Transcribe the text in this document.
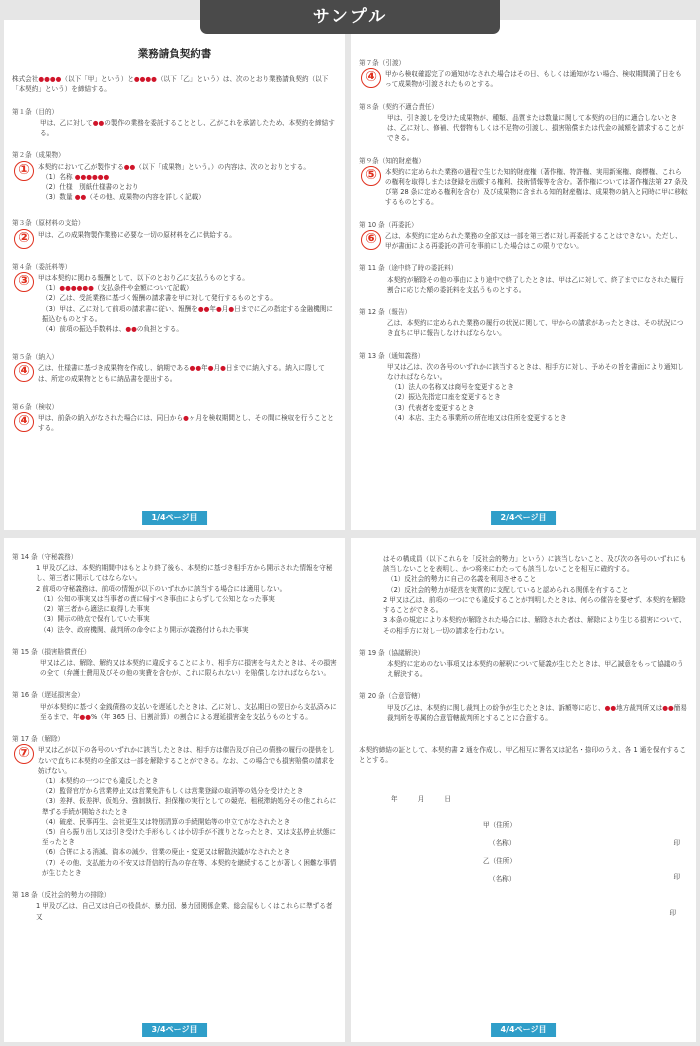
サンプル
業務請負契約書
株式会社●●●●（以下「甲」という）と●●●●（以下「乙」という）は、次のとおり業務請負契約（以下「本契約」という）を締結する。
第１条（目的）
甲は、乙に対して●●の製作の業務を委託することとし、乙がこれを承諾したため、本契約を締結する。
第２条（成果物）
①	本契約において乙が製作する●●（以下「成果物」という。）の内容は、次のとおりとする。
（1）名称 ●●●●●●
（2）仕様　別紙仕様書のとおり
（3）数量 ●●（その他、成果物の内容を詳しく記載）
第３条（原材料の支給）
②	甲は、乙の成果物製作業務に必要な一切の原材料を乙に供給する。
第４条（委託料等）
③	甲は本契約に関わる報酬として、以下のとおり乙に支払うものとする。
（1）●●●●●●（支払条件や金額について記載）
（2）乙は、受託業務に基づく報酬の請求書を甲に対して発行するものとする。
（3）甲は、乙に対して前項の請求書に従い、報酬を●●年●月●日までに乙の指定する金融機関に振込むものとする。
（4）前項の振込手数料は、●●の負担とする。
第５条（納入）
④	乙は、仕様書に基づき成果物を作成し、納期である●●年●月●日までに納入する。納入に際しては、所定の成果物とともに納品書を提出する。
第６条（検収）
④	甲は、前条の納入がなされた場合には、同日から●ヶ月を検収期間とし、その間に検収を行うこととする。
1/4ページ目
第７条（引渡）
④	甲から検収確認完了の通知がなされた場合はその日、もしくは通知がない場合、検収期間満了日をもって成果物が引渡されたものとする。
第８条（契約不適合責任）
甲は、引き渡しを受けた成果物が、種類、品質または数量に関して本契約の目的に適合しないときは、乙に対し、修補、代替物もしくは不足物の引渡し、損害賠償または代金の減額を請求することができる。
第９条（知的財産権）
⑤	本契約に定められた業務の過程で生じた知的財産権（著作権、特許権、実用新案権、商標権、これらの権利を取得しまたは登録を出願する権利、技術情報等を含む。著作権については著作権法第 27 条及び第 28 条に定める権利を含む）及び成果物に含まれる知的財産権は、成果物の納入と同時に甲に移転するものとする。
第 10 条（再委託）
⑥	乙は、本契約に定められた業務の全部又は一部を第三者に対し再委託することはできない。ただし、甲が書面による再委託の許可を事前にした場合はこの限りでない。
第 11 条（途中終了時の委託料）
本契約が解除その他の事由により途中で終了したときは、甲は乙に対して、終了までになされた履行割合に応じた額の委託料を支払うものとする。
第 12 条（報告）
乙は、本契約に定められた業務の履行の状況に関して、甲からの請求があったときは、その状況につき直ちに甲に報告しなければならない。
第 13 条（通知義務）
甲又は乙は、次の各号のいずれかに該当するときは、相手方に対し、予めその旨を書面により通知しなければならない。
（1）法人の名称又は商号を変更するとき
（2）振込先指定口座を変更するとき
（3）代表者を変更するとき
（4）本店、主たる事業所の所在地又は住所を変更するとき
2/4ページ目
第 14 条（守秘義務）
1 甲及び乙は、本契約期間中はもとより終了後も、本契約に基づき相手方から開示された情報を守秘し、第三者に開示してはならない。
2 前項の守秘義務は、前項の情報が以下のいずれかに該当する場合には適用しない。
（1）公知の事実又は当事者の責に帰すべき事由によらずして公知となった事実
（2）第三者から適法に取得した事実
（3）開示の時点で保有していた事実
（4）法令、政府機関、裁判所の命令により開示が義務付けられた事実
第 15 条（損害賠償責任）
甲又は乙は、解除、解約又は本契約に違反することにより、相手方に損害を与えたときは、その損害の全て（弁護士費用及びその他の実費を含むが、これに限られない）を賠償しなければならない。
第 16 条（遅延損害金）
甲が本契約に基づく金銭債務の支払いを遅延したときは、乙に対し、支払期日の翌日から支払済みに至るまで、年●●%（年 365 日、日割計算）の割合による遅延損害金を支払うものとする。
第 17 条（解除）
⑦	甲又は乙が以下の各号のいずれかに該当したときは、相手方は催告及び自己の債務の履行の提供をしないで直ちに本契約の全部又は一部を解除することができる。なお、この場合でも損害賠償の請求を妨げない。
（1）本契約の一つにでも違反したとき
（2）監督官庁から営業停止又は営業免許もしくは営業登録の取消等の処分を受けたとき
（3）差押、仮差押、仮処分、強制執行、担保権の実行としての競売、租税滞納処分その他これらに準ずる手続が開始されたとき
（4）破産、民事再生、会社更生又は特別清算の手続開始等の申立てがなされたとき
（5）自ら振り出し又は引き受けた手形もしくは小切手が不渡りとなったとき、又は支払停止状態に至ったとき
（6）合併による消滅、資本の減少、営業の廃止・変更又は解散決議がなされたとき
（7）その他、支払能力の不安又は背信的行為の存在等、本契約を継続することが著しく困難な事情が生じたとき
第 18 条（反社会的勢力の排除）
1 甲及び乙は、自己又は自己の役員が、暴力団、暴力団関係企業、総会屋もしくはこれらに準ずる者又
3/4ページ目
はその構成員（以下これらを「反社会的勢力」という）に該当しないこと、及び次の各号のいずれにも該当しないことを表明し、かつ将来にわたっても該当しないことを相互に確約する。
（1）反社会的勢力に自己の名義を利用させること
（2）反社会的勢力が経営を実質的に支配していると認められる関係を有すること
2 甲又は乙は、前項の一つにでも違反することが判明したときは、何らの催告を要せず、本契約を解除することができる。
3 本条の規定により本契約が解除された場合には、解除された者は、解除により生じる損害について、その相手方に対し一切の請求を行わない。
第 19 条（協議解決）
本契約に定めのない事項又は本契約の解釈について疑義が生じたときは、甲乙誠意をもって協議のうえ解決する。
第 20 条（合意管轄）
甲及び乙は、本契約に関し裁判上の紛争が生じたときは、訴額等に応じ、●●地方裁判所又は●●簡易裁判所を専属的合意管轄裁判所とすることに合意する。
本契約締結の証として、本契約書 2 通を作成し、甲乙相互に署名又は記名・捺印のうえ、各 1 通を保有することとする。
年 月 日
甲（住所）
（名称）	印
乙（住所）
（名称）	印
印
4/4ページ目
